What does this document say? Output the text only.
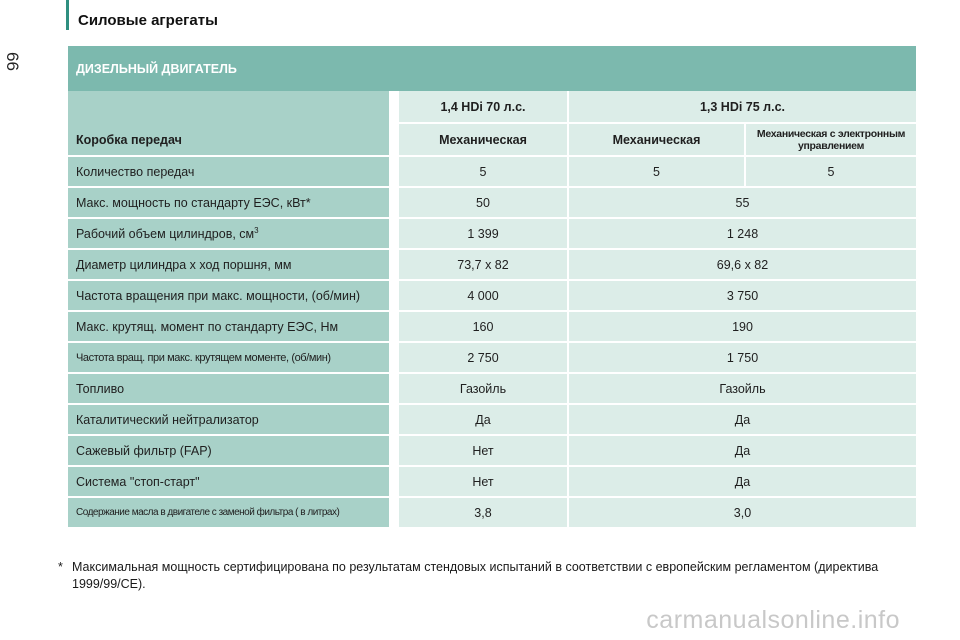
Силовые агрегаты
66	ДИЗЕЛЬНЫЙ ДВИГАТЕЛЬ			
Коробка передач	1,4 HDi 70 л.с.	1,3 HDi 75 л.с.	
	Механическая	Механическая	Механическая с электронным управлением
Количество передач	5	5	5
Макс. мощность по стандарту ЕЭС, кВт*	50	55	
Рабочий объем цилиндров, $см^3$	1 399	1 248	
Диаметр цилиндра х ход поршня, мм	73,7 x 82	69,6 x 82	
Частота вращения при макс. мощности, (об/мин)	4 000	3 750	
Макс. крутящ. момент по стандарту ЕЭС, Нм	160	190	
Частота вращ. при макс. крутящем моменте, (об/мин)	2 750	1 750	
Топливо	Газойль	Газойль	
Каталитический нейтрализатор	Да	Да	
Сажевый фильтр (FAP)	Нет	Да	
Система "стоп-старт"	Нет	Да	
Содержание масла в двигателе с заменой фильтра ( в литрах)	3,8	3,0	
* Максимальная мощность сертифицирована по результатам стендовых испытаний в соответствии с европейским регламентом (директива 1999/99/CE).
carmanualsonline.info
